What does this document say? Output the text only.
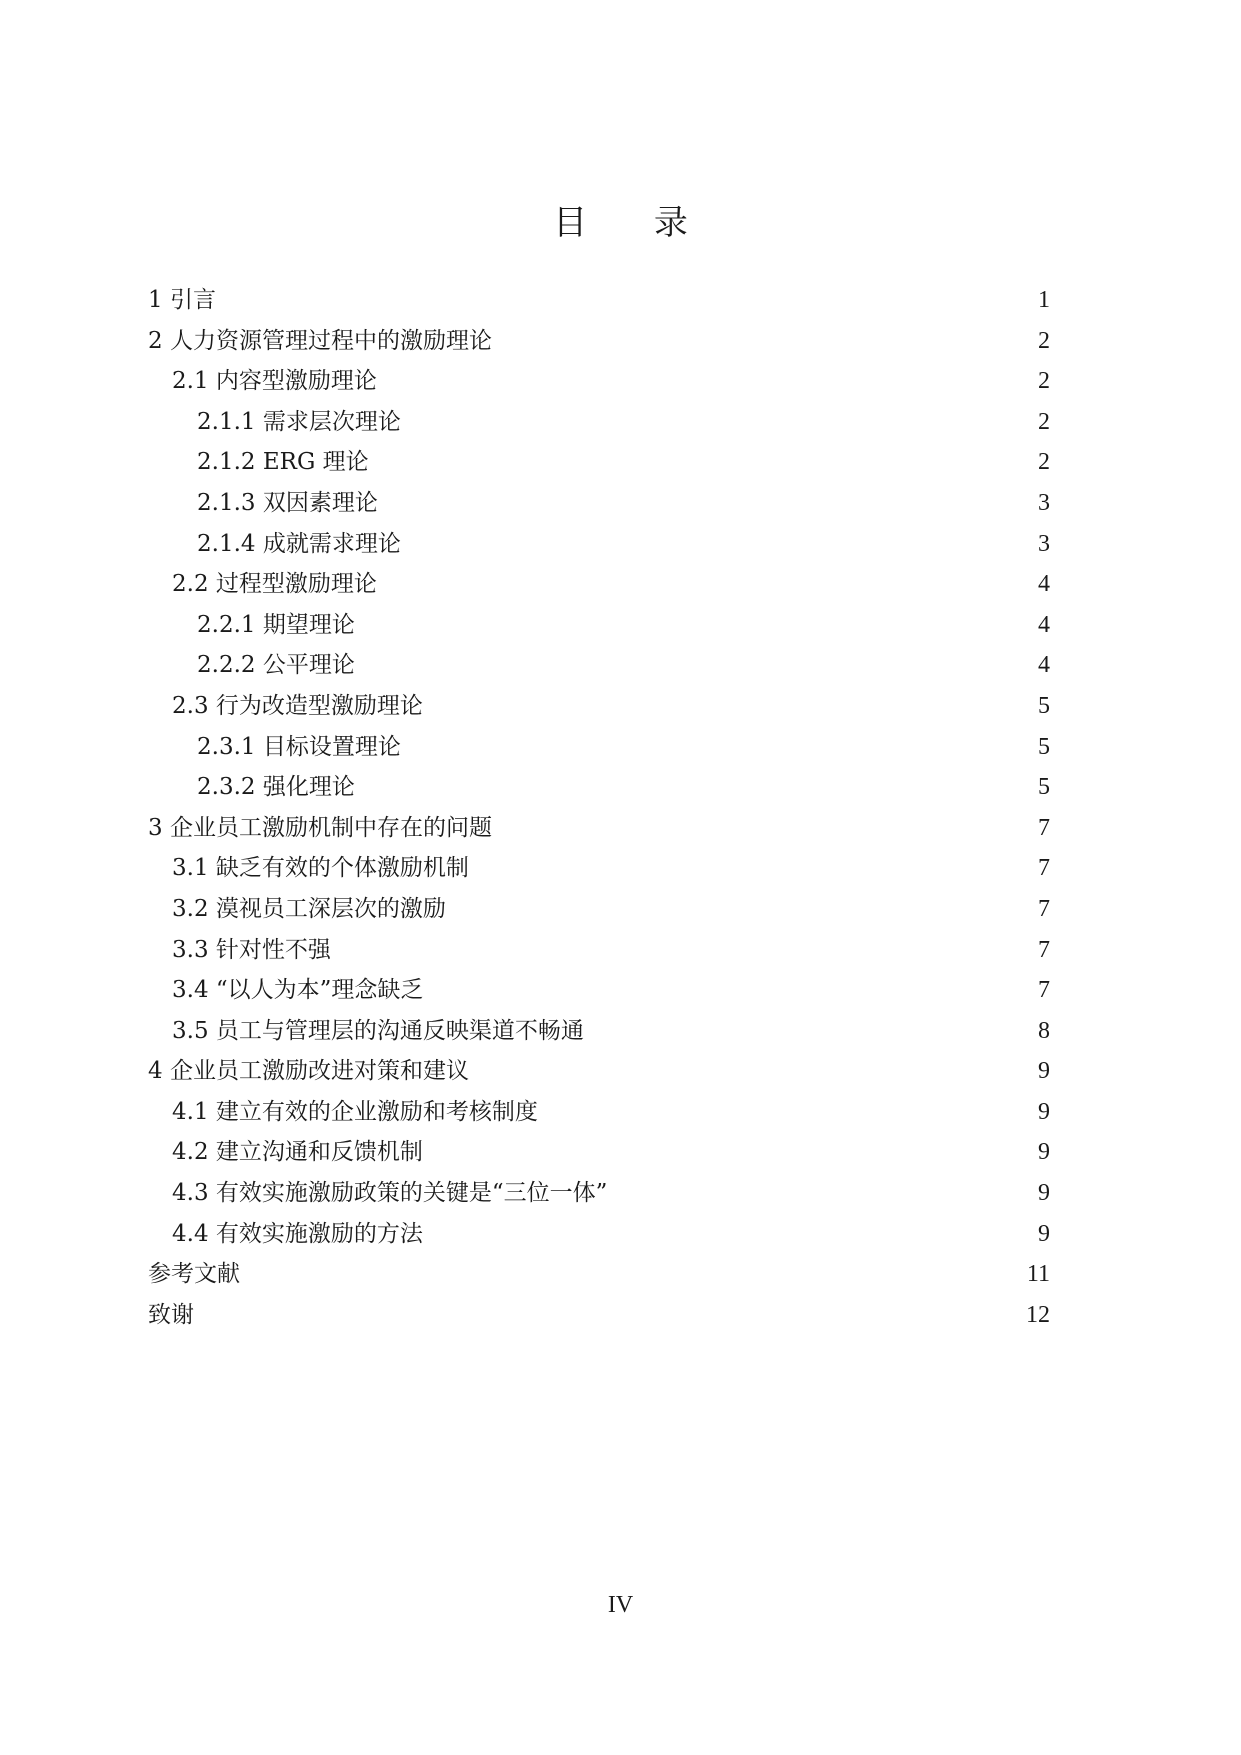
目 录
1 引言	1
2 人力资源管理过程中的激励理论	2
2.1 内容型激励理论	2
2.1.1 需求层次理论	2
2.1.2 ERG 理论	2
2.1.3 双因素理论	3
2.1.4 成就需求理论	3
2.2 过程型激励理论	4
2.2.1 期望理论	4
2.2.2 公平理论	4
2.3 行为改造型激励理论	5
2.3.1 目标设置理论	5
2.3.2 强化理论	5
3 企业员工激励机制中存在的问题	7
3.1 缺乏有效的个体激励机制	7
3.2 漠视员工深层次的激励	7
3.3 针对性不强	7
3.4 “以人为本”理念缺乏	7
3.5 员工与管理层的沟通反映渠道不畅通	8
4 企业员工激励改进对策和建议	9
4.1 建立有效的企业激励和考核制度	9
4.2 建立沟通和反馈机制	9
4.3 有效实施激励政策的关键是“三位一体”	9
4.4 有效实施激励的方法	9
参考文献	11
致谢	12
IV
